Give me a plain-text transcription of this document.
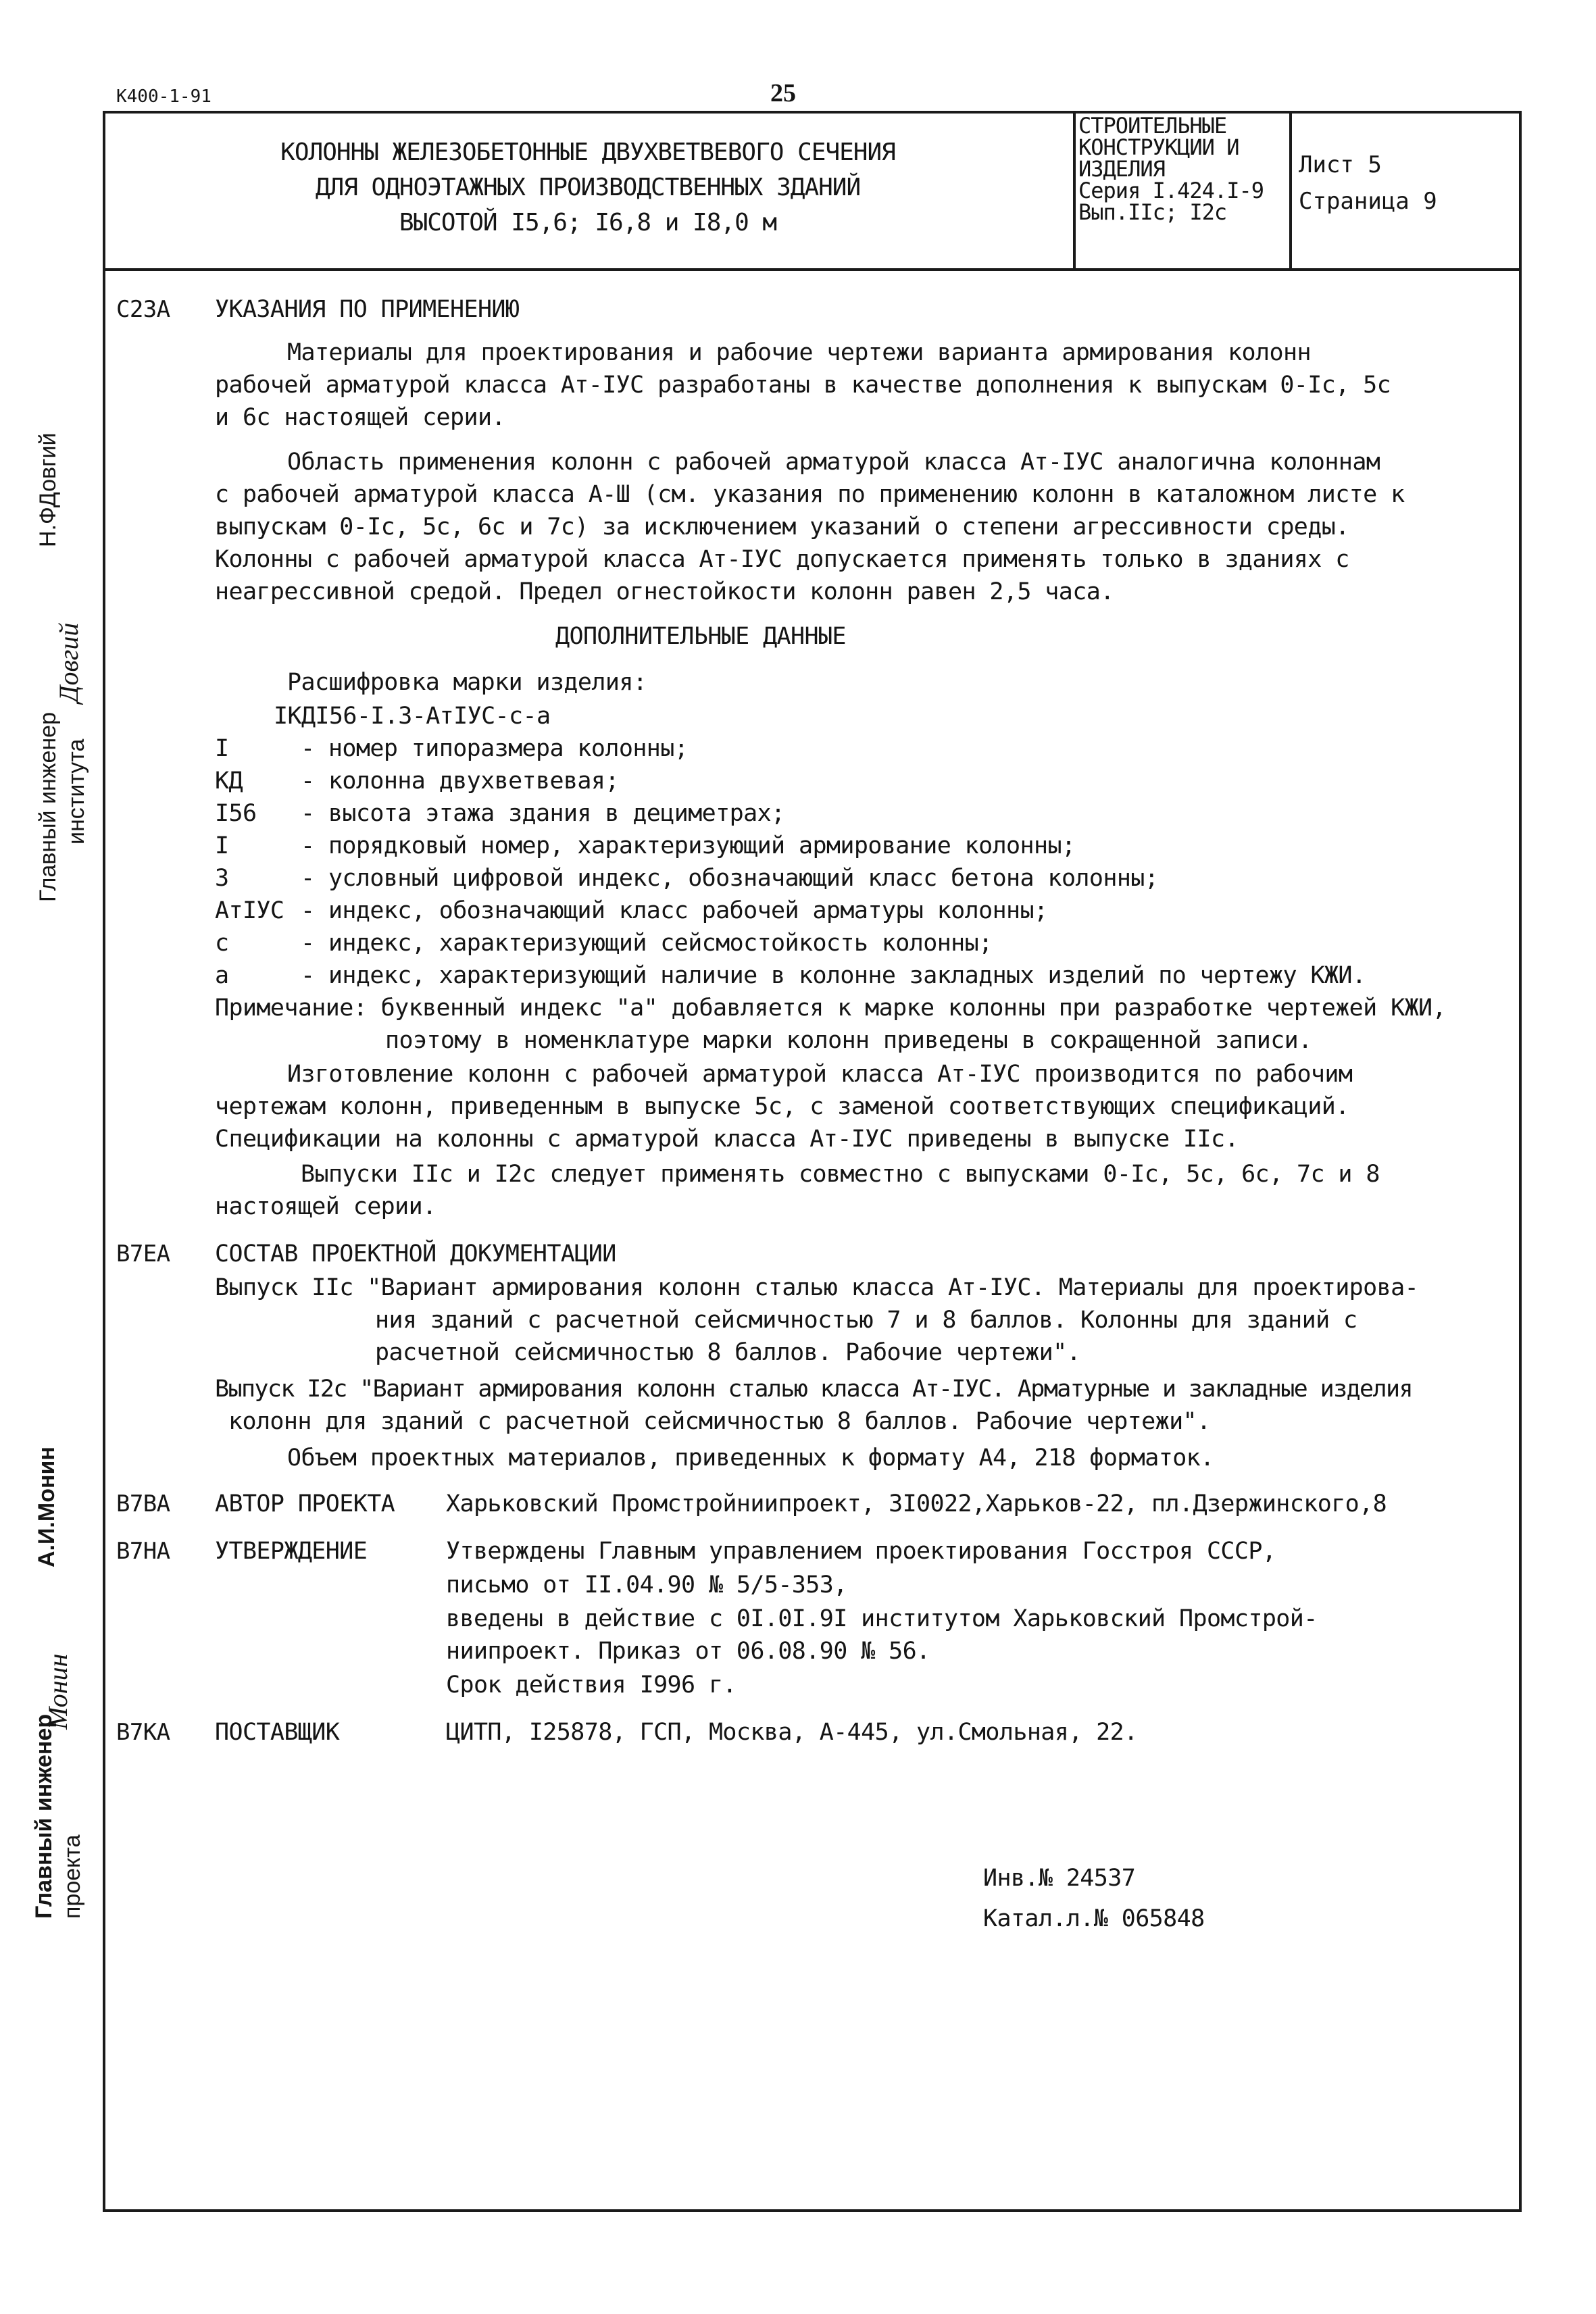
К400-1-91	25
КОЛОННЫ ЖЕЛЕЗОБЕТОННЫЕ ДВУХВЕТВЕВОГО СЕЧЕНИЯ
ДЛЯ ОДНОЭТАЖНЫХ ПРОИЗВОДСТВЕННЫХ ЗДАНИЙ
ВЫСОТОЙ I5,6; I6,8 и I8,0 м
СТРОИТЕЛЬНЫЕ
КОНСТРУКЦИИ И
ИЗДЕЛИЯ
Серия I.424.I-9
Вып.IIс; I2с
Лист 5
Страница 9
Главный инженер института
Довгий
Н.ФДовгий
Главный инженер проекта
Монин
А.И.Монин
С2ЗА УКАЗАНИЯ ПО ПРИМЕНЕНИЮ
Материалы для проектирования и рабочие чертежи варианта армирования колонн
рабочей арматурой класса Ат-IУС разработаны в качестве дополнения к выпускам 0-Iс, 5с
и 6с настоящей серии.
Область применения колонн с рабочей арматурой класса Ат-IУС аналогична колоннам
с рабочей арматурой класса А-Ш (см. указания по применению колонн в каталожном листе к
выпускам 0-Iс, 5с, 6с и 7с) за исключением указаний о степени агрессивности среды.
Колонны с рабочей арматурой класса Ат-IУС допускается применять только в зданиях с
неагрессивной средой. Предел огнестойкости колонн равен 2,5 часа.
ДОПОЛНИТЕЛЬНЫЕ ДАННЫЕ
Расшифровка марки изделия:
IКДI56-I.3-АтIУС-с-а
I	- номер типоразмера колонны;
КД - колонна двухветвевая;
I56 - высота этажа здания в дециметрах;
I	- порядковый номер, характеризующий армирование колонны;
3	- условный цифровой индекс, обозначающий класс бетона колонны;
АтIУС - индекс, обозначающий класс рабочей арматуры колонны;
с	- индекс, характеризующий сейсмостойкость колонны;
а	- индекс, характеризующий наличие в колонне закладных изделий по чертежу КЖИ.
Примечание: буквенный индекс "а" добавляется к марке колонны при разработке чертежей КЖИ,
поэтому в номенклатуре марки колонн приведены в сокращенной записи.
Изготовление колонн с рабочей арматурой класса Ат-IУС производится по рабочим
чертежам колонн, приведенным в выпуске 5с, с заменой соответствующих спецификаций.
Спецификации на колонны с арматурой класса Ат-IУС приведены в выпуске IIс.
Выпуски IIс и I2с следует применять совместно с выпусками 0-Iс, 5с, 6с, 7с и 8
настоящей серии.
В7ЕА СОСТАВ ПРОЕКТНОЙ ДОКУМЕНТАЦИИ
Выпуск IIс "Вариант армирования колонн сталью класса Ат-IУС. Материалы для проектирова-
ния зданий с расчетной сейсмичностью 7 и 8 баллов. Колонны для зданий с
расчетной сейсмичностью 8 баллов. Рабочие чертежи".
Выпуск I2с "Вариант армирования колонн сталью класса Ат-IУС. Арматурные и закладные изделия
колонн для зданий с расчетной сейсмичностью 8 баллов. Рабочие чертежи".
Объем проектных материалов, приведенных к формату А4, 218 форматок.
В7ВА АВТОР ПРОЕКТА Харьковский Промстройниипроект, 3I0022,Харьков-22, пл.Дзержинского,8
В7НА УТВЕРЖДЕНИЕ	Утверждены Главным управлением проектирования Госстроя СССР,
письмо от II.04.90 № 5/5-353,
введены в действие с 0I.0I.9I институтом Харьковский Промстрой-
ниипроект. Приказ от 06.08.90 № 56.
Срок действия I996 г.
В7КА ПОСТАВЩИК	ЦИТП, I25878, ГСП, Москва, А-445, ул.Смольная, 22.
Инв.№ 24537
Катал.л.№ 065848
